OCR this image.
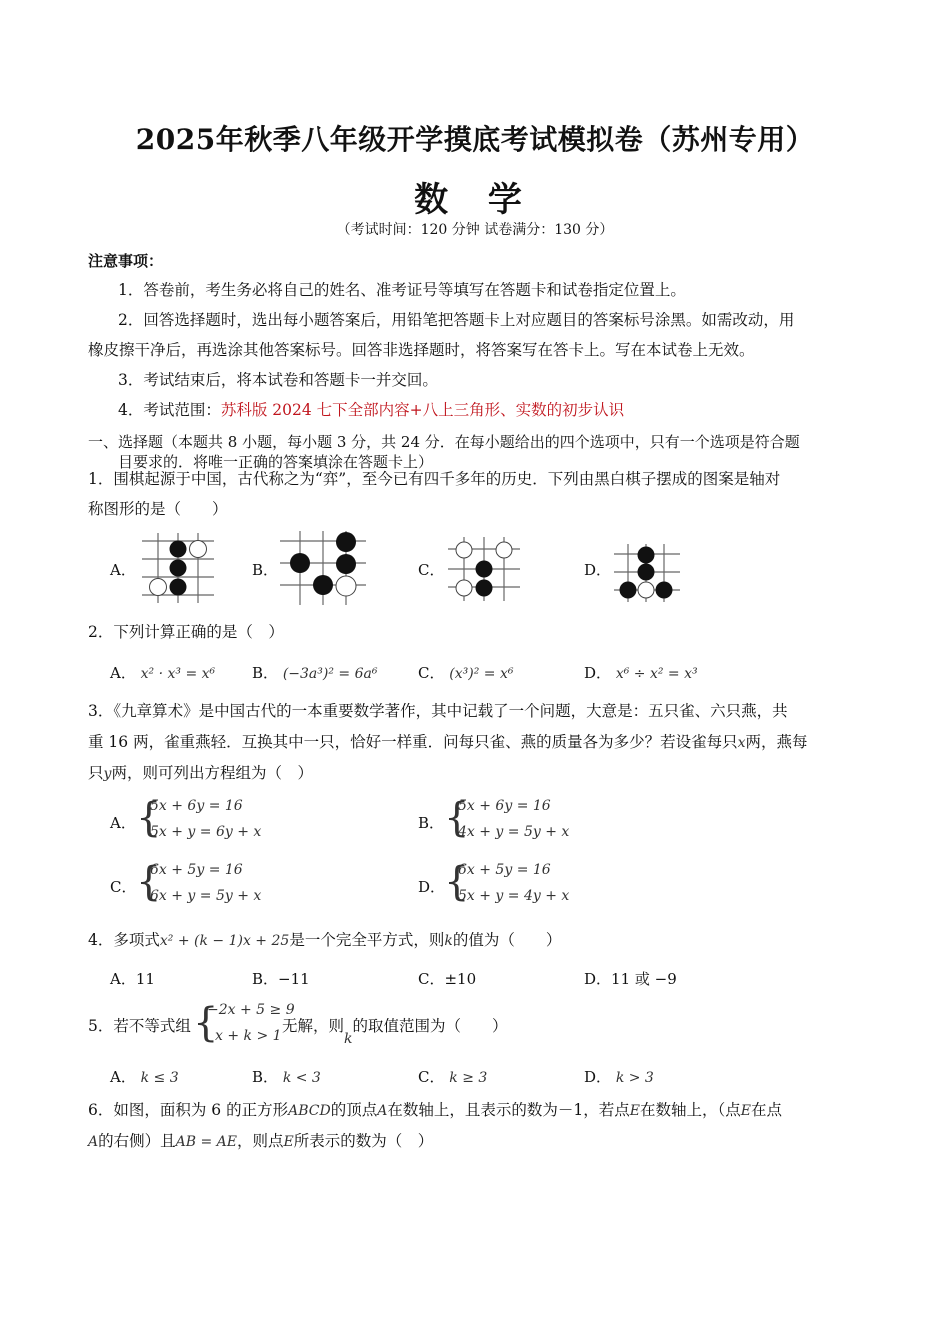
2025年秋季八年级开学摸底考试模拟卷（苏州专用）
数 学
（考试时间：120 分钟 试卷满分：130 分）
注意事项：
1．答卷前，考生务必将自己的姓名、准考证号等填写在答题卡和试卷指定位置上。
2．回答选择题时，选出每小题答案后，用铅笔把答题卡上对应题目的答案标号涂黑。如需改动，用
橡皮擦干净后，再选涂其他答案标号。回答非选择题时，将答案写在答卡上。写在本试卷上无效。
3．考试结束后，将本试卷和答题卡一并交回。
4．考试范围：苏科版 2024 七下全部内容+八上三角形、实数的初步认识
一、选择题（本题共 8 小题，每小题 3 分，共 24 分．在每小题给出的四个选项中，只有一个选项是符合题
目要求的．将唯一正确的答案填涂在答题卡上）
1．围棋起源于中国，古代称之为“弈”，至今已有四千多年的历史．下列由黑白棋子摆成的图案是轴对
称图形的是（　　）
A．	B．	C．	D．
2．下列计算正确的是（　）
A． x² · x³ = x⁶ B． (−3a³)² = 6a⁶	C． (x³)² = x⁶	D． x⁶ ÷ x² = x³
3．《九章算术》是中国古代的一本重要数学著作，其中记载了一个问题，大意是：五只雀、六只燕，共
重 16 两，雀重燕轻．互换其中一只，恰好一样重．问每只雀、燕的质量各为多少？若设雀每只x两，燕每
只y两，则可列出方程组为（　）
A． {
5x + 6y = 16
5x + y = 6y + x	B． {
5x + 6y = 16
4x + y = 5y + x
C． {
6x + 5y = 16
6x + y = 5y + x	D．
{
6x + 5y = 16
5x + y = 4y + x
4．多项式x² + (k − 1)x + 25是一个完全平方式，则k的值为（　　）
A．11	B．−11	C．±10	D．11 或 −9
5．若不等式组 {
−2x + 5 ≥ 9
x + k > 1
无解，则k的取值范围为（　　）
A． k ≤ 3	B． k < 3	C． k ≥ 3	D． k > 3
6．如图，面积为 6 的正方形ABCD的顶点A在数轴上，且表示的数为－1，若点E在数轴上，（点E在点
A的右侧）且AB = AE，则点E所表示的数为（　）
